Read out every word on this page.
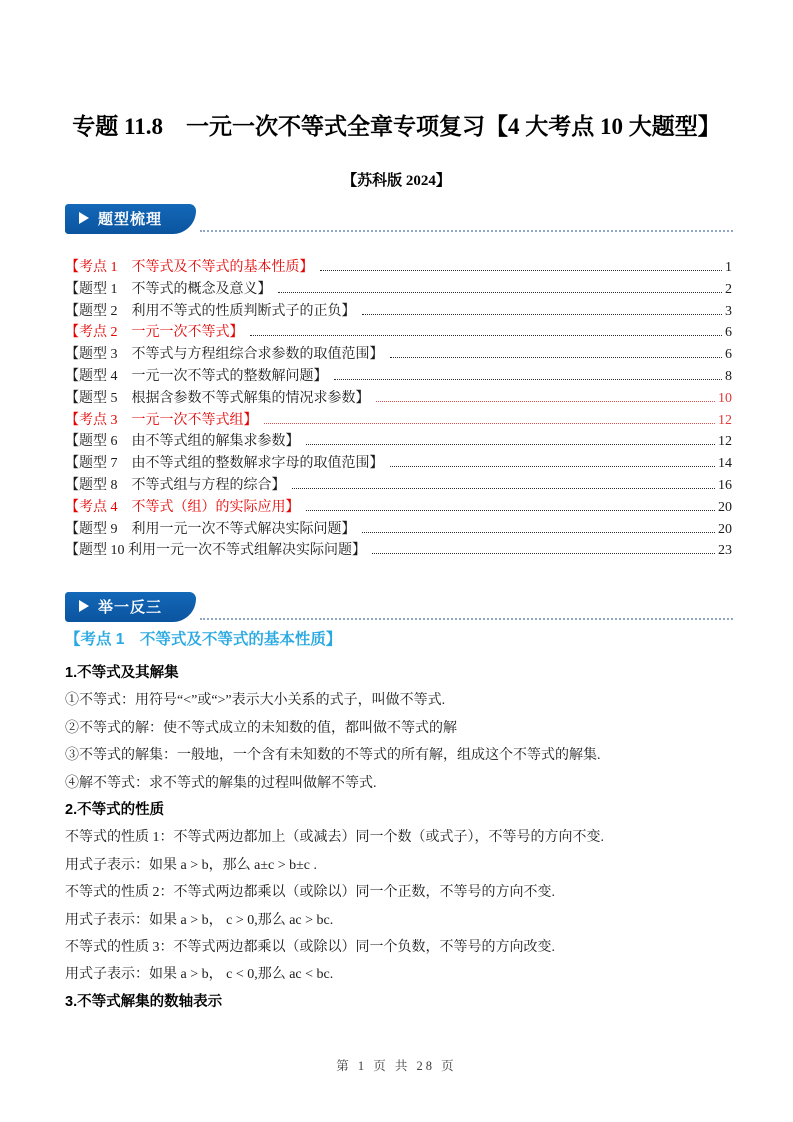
专题 11.8　一元一次不等式全章专项复习【4 大考点 10 大题型】
【苏科版 2024】
题型梳理
【考点 1　不等式及不等式的基本性质】	1
【题型 1　不等式的概念及意义】	2
【题型 2　利用不等式的性质判断式子的正负】	3
【考点 2　一元一次不等式】	6
【题型 3　不等式与方程组综合求参数的取值范围】	6
【题型 4　一元一次不等式的整数解问题】	8
【题型 5　根据含参数不等式解集的情况求参数】	10
【考点 3　一元一次不等式组】	12
【题型 6　由不等式组的解集求参数】	12
【题型 7　由不等式组的整数解求字母的取值范围】	14
【题型 8　不等式组与方程的综合】	16
【考点 4　不等式（组）的实际应用】	20
【题型 9　利用一元一次不等式解决实际问题】	20
【题型 10 利用一元一次不等式组解决实际问题】	23
举一反三
【考点 1　不等式及不等式的基本性质】
1.不等式及其解集
①不等式：用符号“<”或“>”表示大小关系的式子，叫做不等式.
②不等式的解：使不等式成立的未知数的值，都叫做不等式的解
③不等式的解集：一般地，一个含有未知数的不等式的所有解，组成这个不等式的解集.
④解不等式：求不等式的解集的过程叫做解不等式.
2.不等式的性质
不等式的性质 1：不等式两边都加上（或减去）同一个数（或式子），不等号的方向不变.
用式子表示：如果 a > b，那么 a±c > b±c .
不等式的性质 2：不等式两边都乘以（或除以）同一个正数，不等号的方向不变.
用式子表示：如果 a > b， c > 0,那么 ac > bc.
不等式的性质 3：不等式两边都乘以（或除以）同一个负数，不等号的方向改变.
用式子表示：如果 a > b， c < 0,那么 ac < bc.
3.不等式解集的数轴表示
第 1 页 共 28 页
